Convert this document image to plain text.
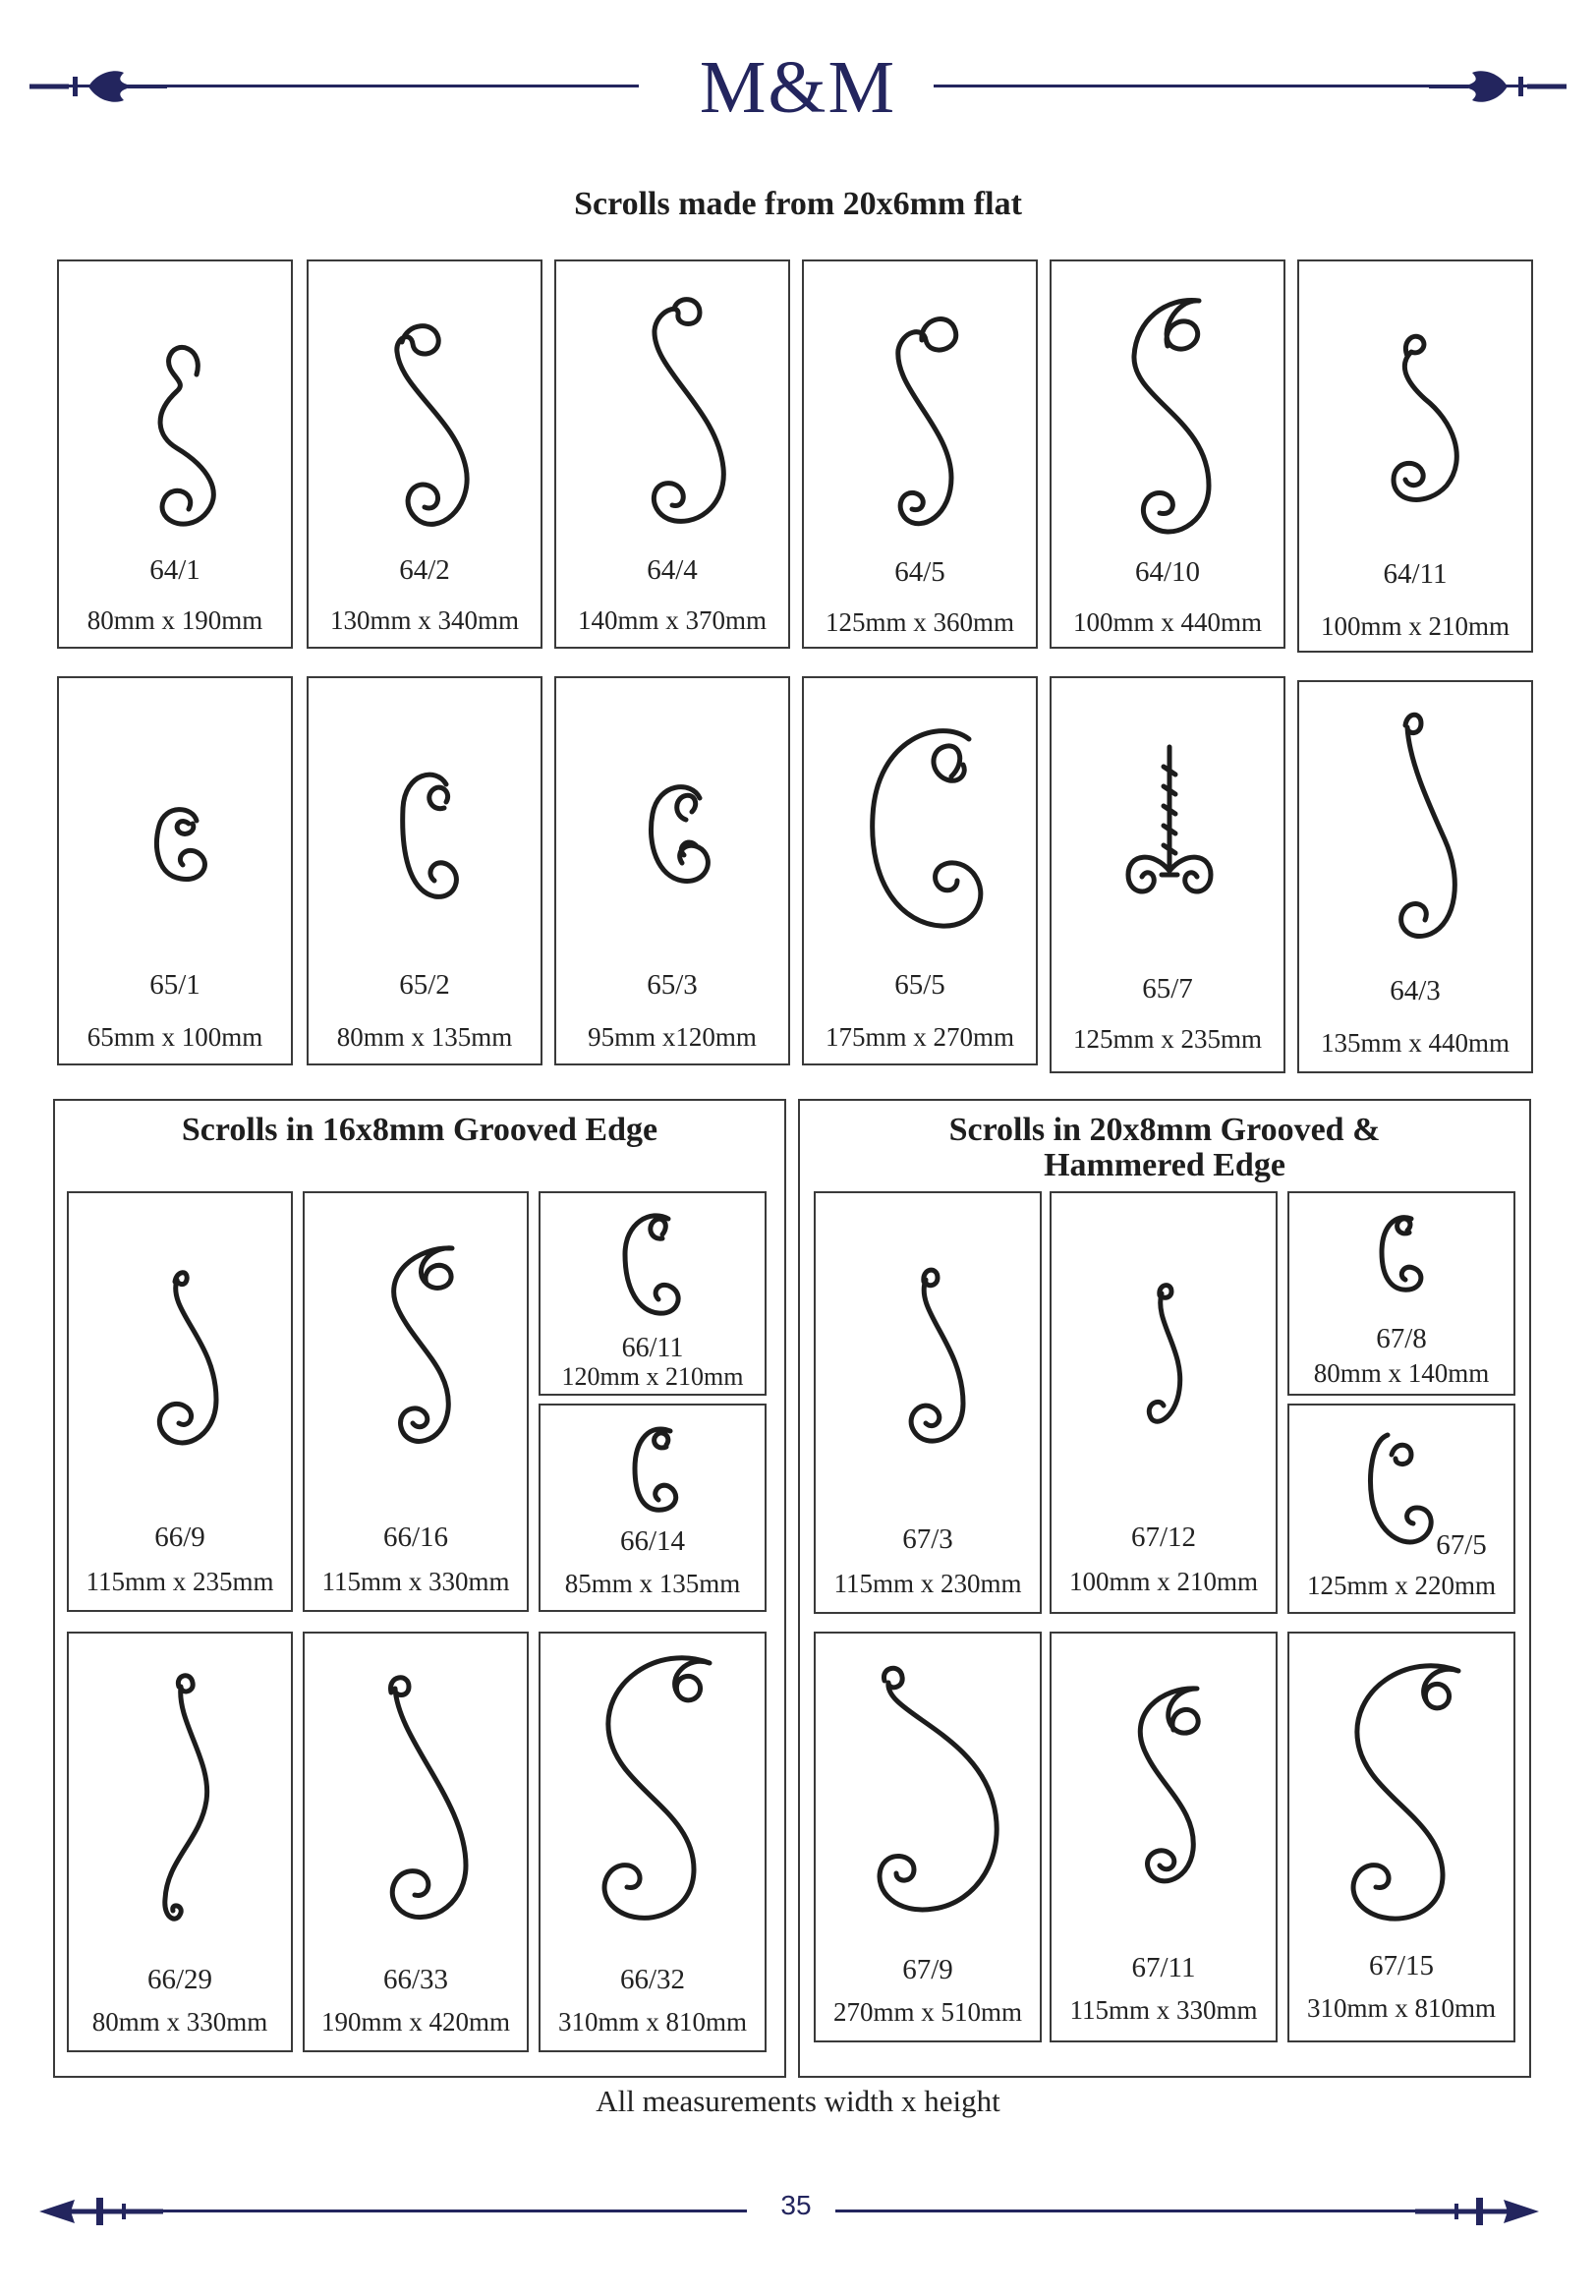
M&M
Scrolls made from 20x6mm flat
64/1
80mm x 190mm
64/2
130mm x 340mm
64/4
140mm x 370mm
64/5
125mm x 360mm
64/10
100mm x 440mm
64/11
100mm x 210mm
65/1
65mm x 100mm
65/2
80mm x 135mm
65/3
95mm x120mm
65/5
175mm x 270mm
65/7
125mm x 235mm
64/3
135mm x 440mm
Scrolls in 16x8mm Grooved Edge	Scrolls in 20x8mm Grooved &
Hammered Edge
66/9
115mm x 235mm
66/16
115mm x 330mm
66/11
120mm x 210mm
66/14
85mm x 135mm
66/29
80mm x 330mm
66/33
190mm x 420mm
66/32
310mm x 810mm
67/3
115mm x 230mm
67/12
100mm x 210mm
67/8
80mm x 140mm
67/5
125mm x 220mm
67/9
270mm x 510mm
67/11
115mm x 330mm
67/15
310mm x 810mm
All measurements width x height
35
